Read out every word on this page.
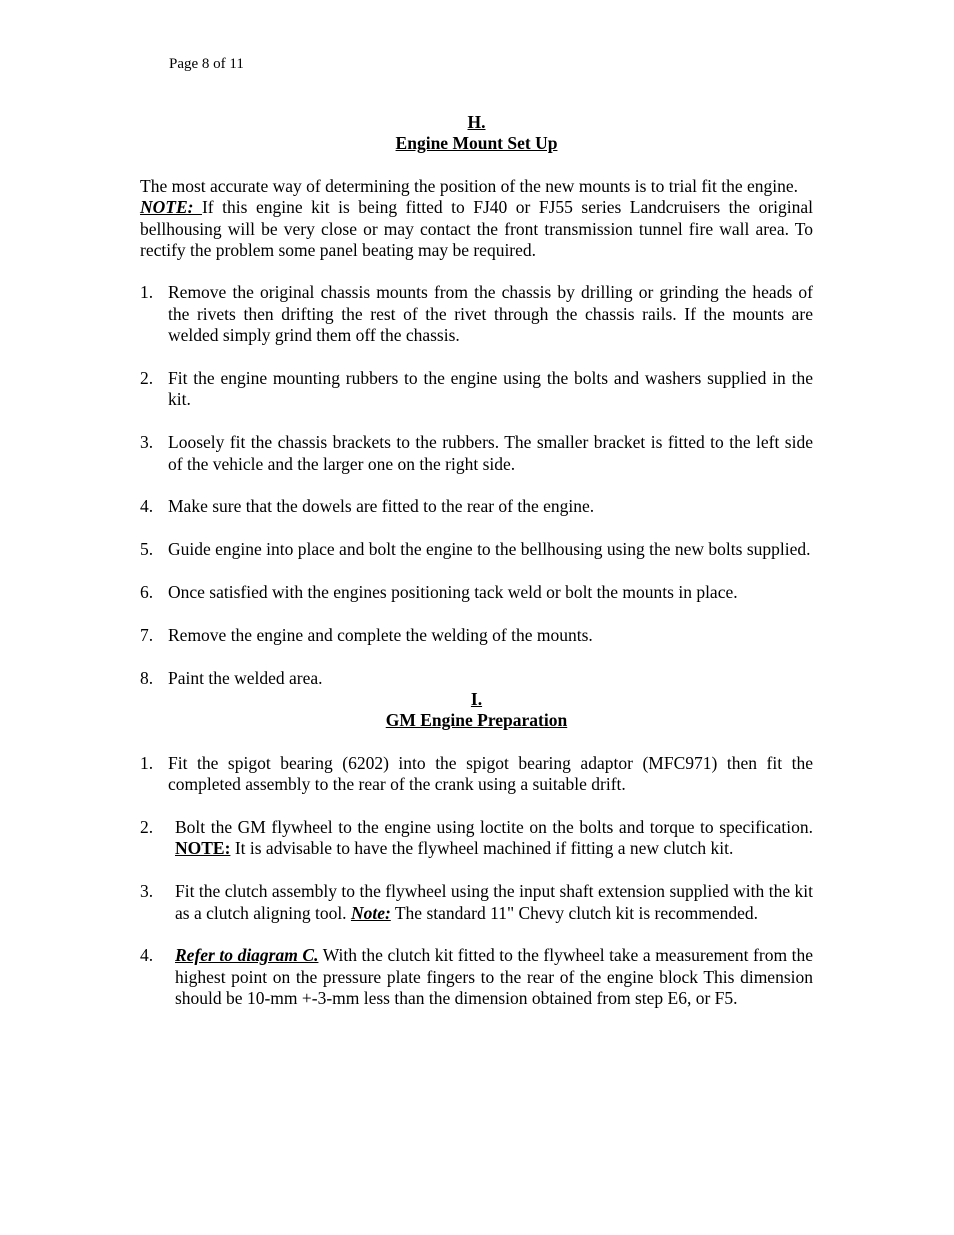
Page 8 of 11

H.

Engine Mount Set Up

The most accurate way of determining the position of the new mounts is to trial fit the engine.

NOTE: If this engine kit is being fitted to FJ40 or FJ55 series Landcruisers the original bellhousing will be very close or may contact the front transmission tunnel fire wall area. To rectify the problem some panel beating may be required.

1. Remove the original chassis mounts from the chassis by drilling or grinding the heads of the rivets then drifting the rest of the rivet through the chassis rails. If the mounts are welded simply grind them off the chassis.
2. Fit the engine mounting rubbers to the engine using the bolts and washers supplied in the kit.
3. Loosely fit the chassis brackets to the rubbers. The smaller bracket is fitted to the left side of the vehicle and the larger one on the right side.
4. Make sure that the dowels are fitted to the rear of the engine.
5. Guide engine into place and bolt the engine to the bellhousing using the new bolts supplied.
6. Once satisfied with the engines positioning tack weld or bolt the mounts in place.
7. Remove the engine and complete the welding of the mounts.
8. Paint the welded area.

I.

GM Engine Preparation

1. Fit the spigot bearing (6202) into the spigot bearing adaptor (MFC971) then fit the completed assembly to the rear of the crank using a suitable drift.
2.	Bolt the GM flywheel to the engine using loctite on the bolts and torque to specification. NOTE: It is advisable to have the flywheel machined if fitting a new clutch kit.
3.	Fit the clutch assembly to the flywheel using the input shaft extension supplied with the kit as a clutch aligning tool. Note: The standard 11" Chevy clutch kit is recommended.
4.	Refer to diagram C. With the clutch kit fitted to the flywheel take a measurement from the highest point on the pressure plate fingers to the rear of the engine block This dimension should be 10-mm +-3-mm less than the dimension obtained from step E6, or F5.
